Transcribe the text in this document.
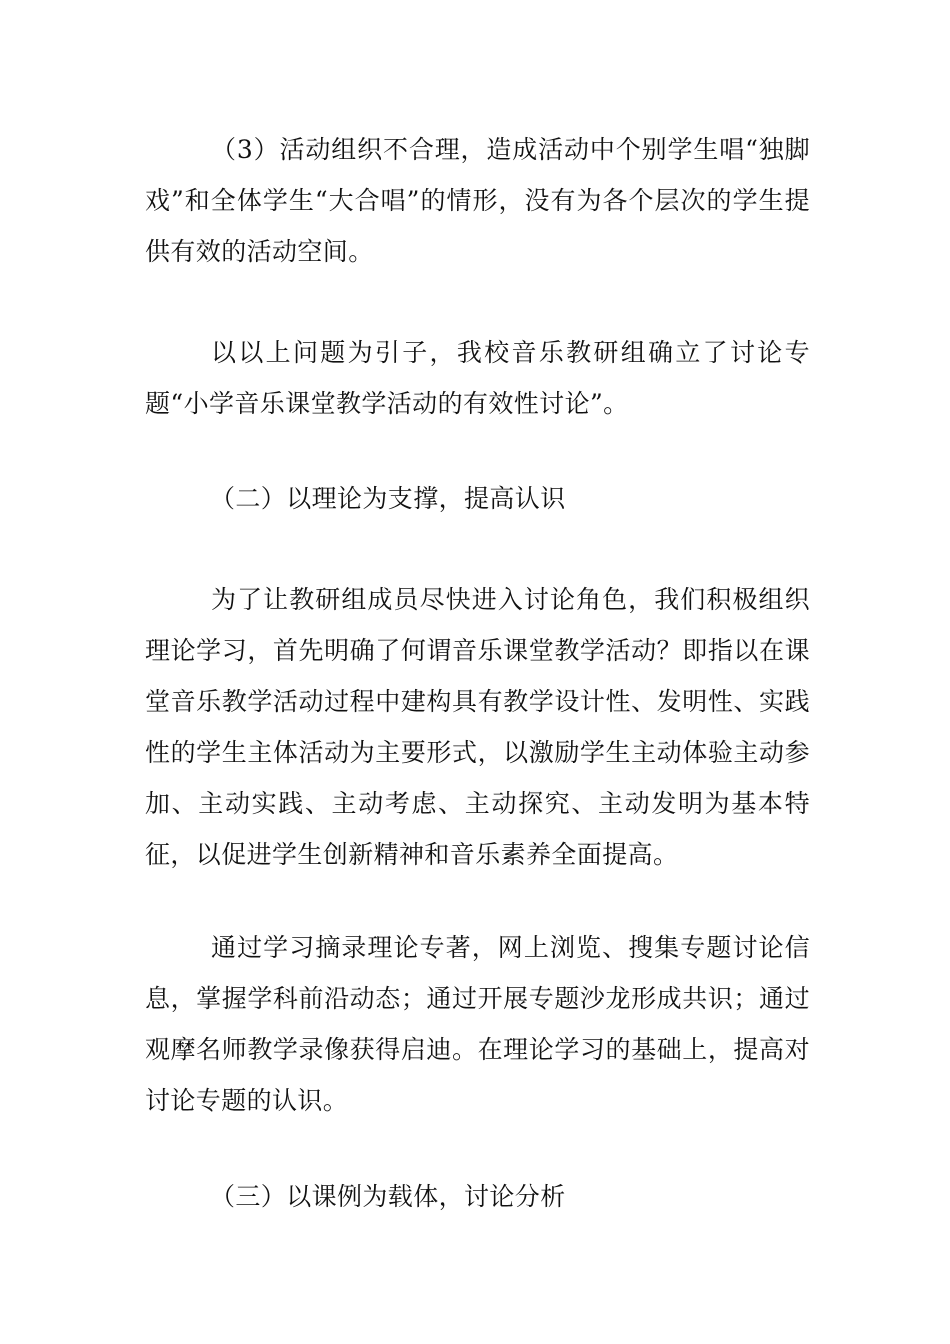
（3）活动组织不合理，造成活动中个别学生唱“独脚戏”和全体学生“大合唱”的情形，没有为各个层次的学生提供有效的活动空间。

以以上问题为引子，我校音乐教研组确立了讨论专题“小学音乐课堂教学活动的有效性讨论”。

（二）以理论为支撑，提高认识

为了让教研组成员尽快进入讨论角色，我们积极组织理论学习，首先明确了何谓音乐课堂教学活动？即指以在课堂音乐教学活动过程中建构具有教学设计性、发明性、实践性的学生主体活动为主要形式，以激励学生主动体验主动参加、主动实践、主动考虑、主动探究、主动发明为基本特征，以促进学生创新精神和音乐素养全面提高。

通过学习摘录理论专著，网上浏览、搜集专题讨论信息，掌握学科前沿动态；通过开展专题沙龙形成共识；通过观摩名师教学录像获得启迪。在理论学习的基础上，提高对讨论专题的认识。

（三）以课例为载体，讨论分析
